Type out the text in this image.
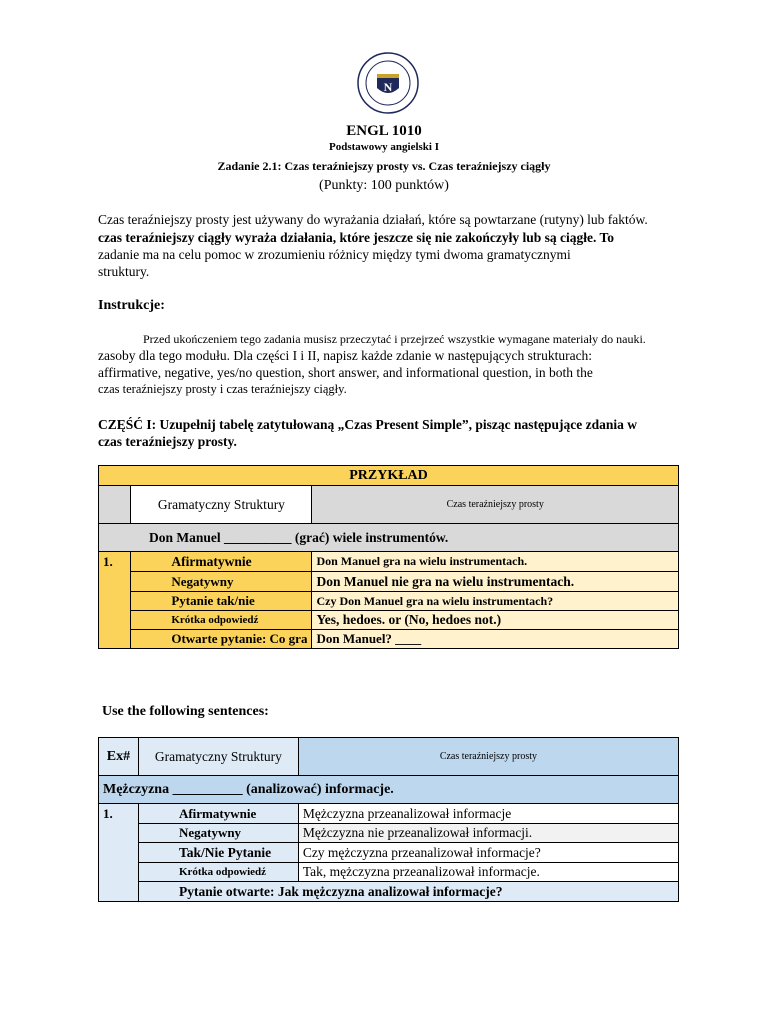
N
ENGL 1010
Podstawowy angielski I
Zadanie 2.1: Czas teraźniejszy prosty vs. Czas teraźniejszy ciągły
(Punkty: 100 punktów)
Czas teraźniejszy prosty jest używany do wyrażania działań, które są powtarzane (rutyny) lub faktów.
czas teraźniejszy ciągły wyraża działania, które jeszcze się nie zakończyły lub są ciągłe. To
zadanie ma na celu pomoc w zrozumieniu różnicy między tymi dwoma gramatycznymi
struktury.
Instrukcje:
Przed ukończeniem tego zadania musisz przeczytać i przejrzeć wszystkie wymagane materiały do nauki.
zasoby dla tego modułu. Dla części I i II, napisz każde zdanie w następujących strukturach:
affirmative, negative, yes/no question, short answer, and informational question, in both the
czas teraźniejszy prosty i czas teraźniejszy ciągły.
CZĘŚĆ I: Uzupełnij tabelę zatytułowaną „Czas Present Simple”, pisząc następujące zdania w
czas teraźniejszy prosty.
PRZYKŁAD		
	Gramatyczny Struktury	Czas teraźniejszy prosty
Don Manuel __________ (grać) wiele instrumentów.		
1.	Afirmatywnie	Don Manuel gra na wielu instrumentach.
	Negatywny	Don Manuel nie gra na wielu instrumentach.
	Pytanie tak/nie	Czy Don Manuel gra na wielu instrumentach?
	Krótka odpowiedź	Yes, hedoes. or (No, hedoes not.)
	Otwarte pytanie: Co gra	Don Manuel? ____
Use the following sentences:
Ex#	Gramatyczny Struktury	Czas teraźniejszy prosty
Mężczyzna __________ (analizować) informacje.		
1.	Afirmatywnie	Mężczyzna przeanalizował informacje
	Negatywny	Mężczyzna nie przeanalizował informacji.
	Tak/Nie Pytanie	Czy mężczyzna przeanalizował informacje?
	Krótka odpowiedź	Tak, mężczyzna przeanalizował informacje.
	Pytanie otwarte: Jak mężczyzna analizował informacje?	
